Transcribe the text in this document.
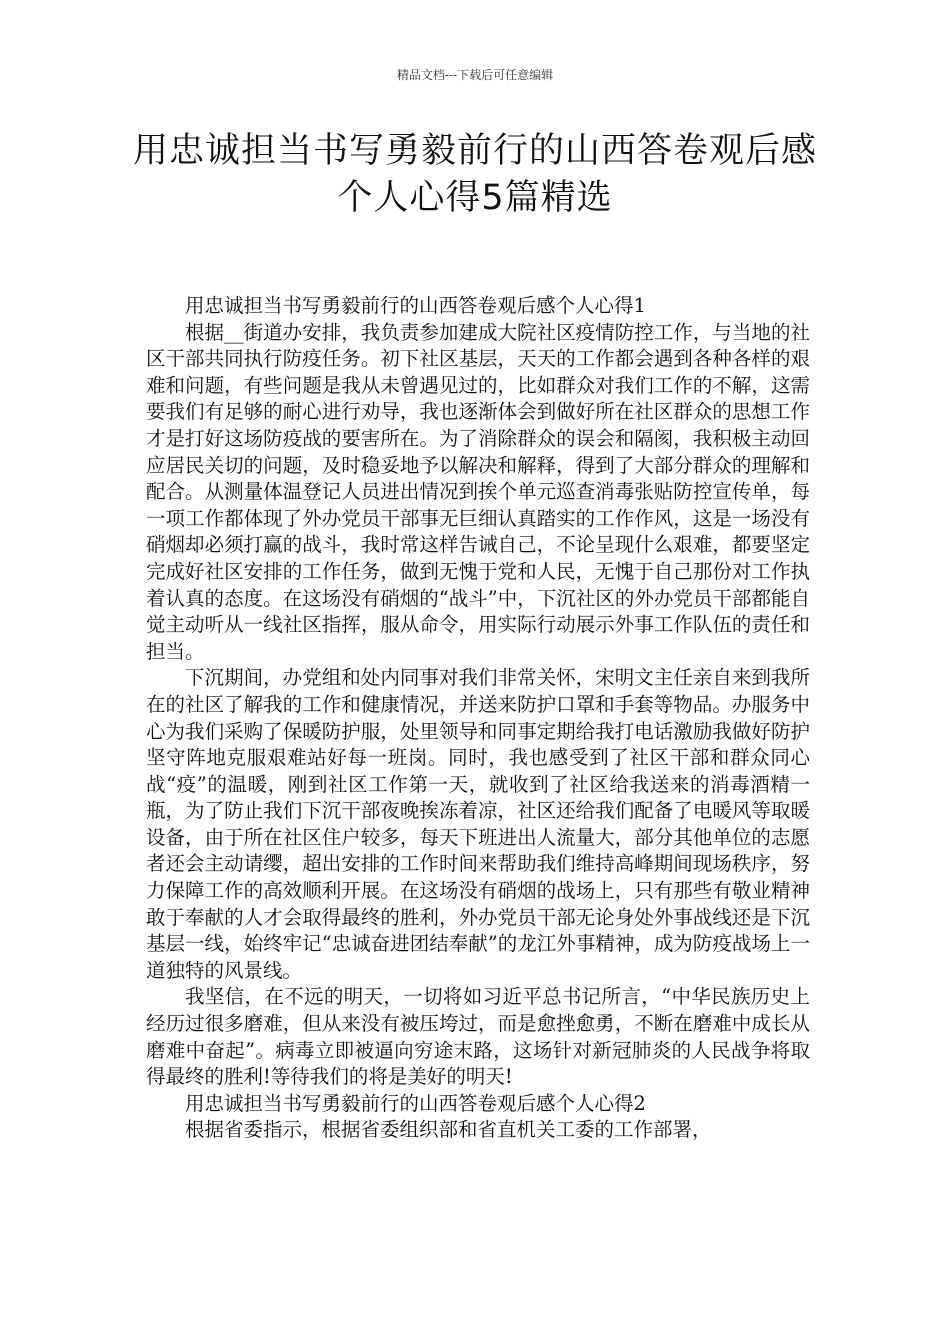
精品文档---下载后可任意编辑
用忠诚担当书写勇毅前行的山西答卷观后感个人心得5篇精选

用忠诚担当书写勇毅前行的山西答卷观后感个人心得1

根据__街道办安排，我负责参加建成大院社区疫情防控工作，与当地的社区干部共同执行防疫任务。初下社区基层，天天的工作都会遇到各种各样的艰难和问题，有些问题是我从未曾遇见过的，比如群众对我们工作的不解，这需要我们有足够的耐心进行劝导，我也逐渐体会到做好所在社区群众的思想工作才是打好这场防疫战的要害所在。为了消除群众的误会和隔阂，我积极主动回应居民关切的问题，及时稳妥地予以解决和解释，得到了大部分群众的理解和配合。从测量体温登记人员进出情况到挨个单元巡查消毒张贴防控宣传单，每一项工作都体现了外办党员干部事无巨细认真踏实的工作作风，这是一场没有硝烟却必须打赢的战斗，我时常这样告诫自己，不论呈现什么艰难，都要坚定完成好社区安排的工作任务，做到无愧于党和人民，无愧于自己那份对工作执着认真的态度。在这场没有硝烟的“战斗”中，下沉社区的外办党员干部都能自觉主动听从一线社区指挥，服从命令，用实际行动展示外事工作队伍的责任和担当。

下沉期间，办党组和处内同事对我们非常关怀，宋明文主任亲自来到我所在的社区了解我的工作和健康情况，并送来防护口罩和手套等物品。办服务中心为我们采购了保暖防护服，处里领导和同事定期给我打电话激励我做好防护坚守阵地克服艰难站好每一班岗。同时，我也感受到了社区干部和群众同心战“疫”的温暖，刚到社区工作第一天，就收到了社区给我送来的消毒酒精一瓶，为了防止我们下沉干部夜晚挨冻着凉，社区还给我们配备了电暖风等取暖设备，由于所在社区住户较多，每天下班进出人流量大，部分其他单位的志愿者还会主动请缨，超出安排的工作时间来帮助我们维持高峰期间现场秩序，努力保障工作的高效顺利开展。在这场没有硝烟的战场上，只有那些有敬业精神敢于奉献的人才会取得最终的胜利，外办党员干部无论身处外事战线还是下沉基层一线，始终牢记“忠诚奋进团结奉献”的龙江外事精神，成为防疫战场上一道独特的风景线。

我坚信，在不远的明天，一切将如习近平总书记所言，“中华民族历史上经历过很多磨难，但从来没有被压垮过，而是愈挫愈勇，不断在磨难中成长从磨难中奋起”。病毒立即被逼向穷途末路，这场针对新冠肺炎的人民战争将取得最终的胜利!等待我们的将是美好的明天!

用忠诚担当书写勇毅前行的山西答卷观后感个人心得2

根据省委指示，根据省委组织部和省直机关工委的工作部署，
